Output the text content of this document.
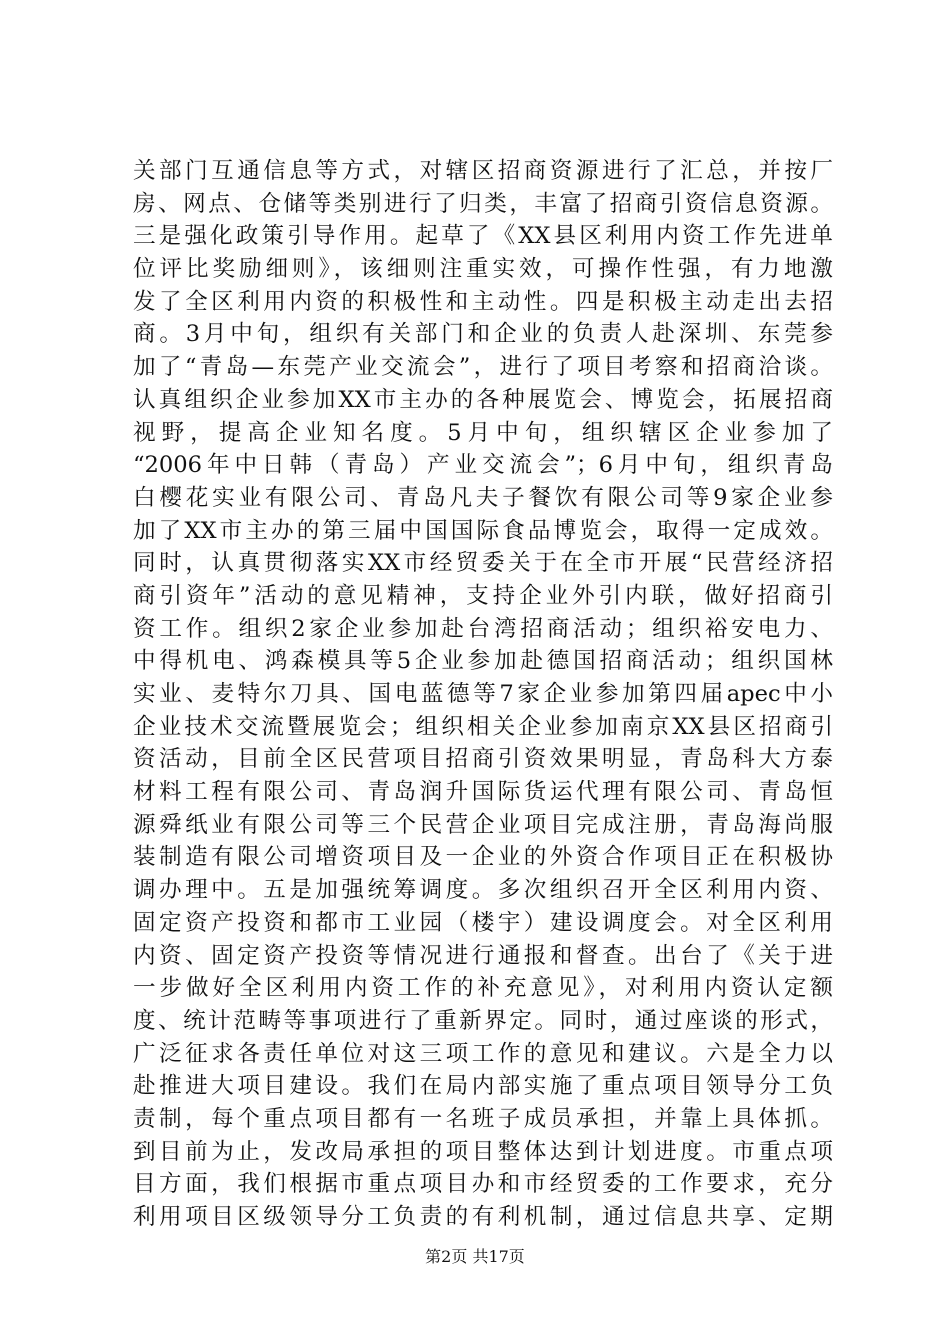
关部门互通信息等方式，对辖区招商资源进行了汇总，并按厂
房、网点、仓储等类别进行了归类，丰富了招商引资信息资源。
三是强化政策引导作用。起草了《XX县区利用内资工作先进单
位评比奖励细则》，该细则注重实效，可操作性强，有力地激
发了全区利用内资的积极性和主动性。四是积极主动走出去招
商。3月中旬，组织有关部门和企业的负责人赴深圳、东莞参
加了“青岛—东莞产业交流会”，进行了项目考察和招商洽谈。
认真组织企业参加XX市主办的各种展览会、博览会，拓展招商
视野，提高企业知名度。5月中旬，组织辖区企业参加了
“2006年中日韩（青岛）产业交流会”；6月中旬，组织青岛
白樱花实业有限公司、青岛凡夫子餐饮有限公司等9家企业参
加了XX市主办的第三届中国国际食品博览会，取得一定成效。
同时，认真贯彻落实XX市经贸委关于在全市开展“民营经济招
商引资年”活动的意见精神，支持企业外引内联，做好招商引
资工作。组织2家企业参加赴台湾招商活动；组织裕安电力、
中得机电、鸿森模具等5企业参加赴德国招商活动；组织国林
实业、麦特尔刀具、国电蓝德等7家企业参加第四届apec中小
企业技术交流暨展览会；组织相关企业参加南京XX县区招商引
资活动，目前全区民营项目招商引资效果明显，青岛科大方泰
材料工程有限公司、青岛润升国际货运代理有限公司、青岛恒
源舜纸业有限公司等三个民营企业项目完成注册，青岛海尚服
装制造有限公司增资项目及一企业的外资合作项目正在积极协
调办理中。五是加强统筹调度。多次组织召开全区利用内资、
固定资产投资和都市工业园（楼宇）建设调度会。对全区利用
内资、固定资产投资等情况进行通报和督查。出台了《关于进
一步做好全区利用内资工作的补充意见》，对利用内资认定额
度、统计范畴等事项进行了重新界定。同时，通过座谈的形式，
广泛征求各责任单位对这三项工作的意见和建议。六是全力以
赴推进大项目建设。我们在局内部实施了重点项目领导分工负
责制，每个重点项目都有一名班子成员承担，并靠上具体抓。
到目前为止，发改局承担的项目整体达到计划进度。市重点项
目方面，我们根据市重点项目办和市经贸委的工作要求，充分
利用项目区级领导分工负责的有利机制，通过信息共享、定期
第2页 共17页
